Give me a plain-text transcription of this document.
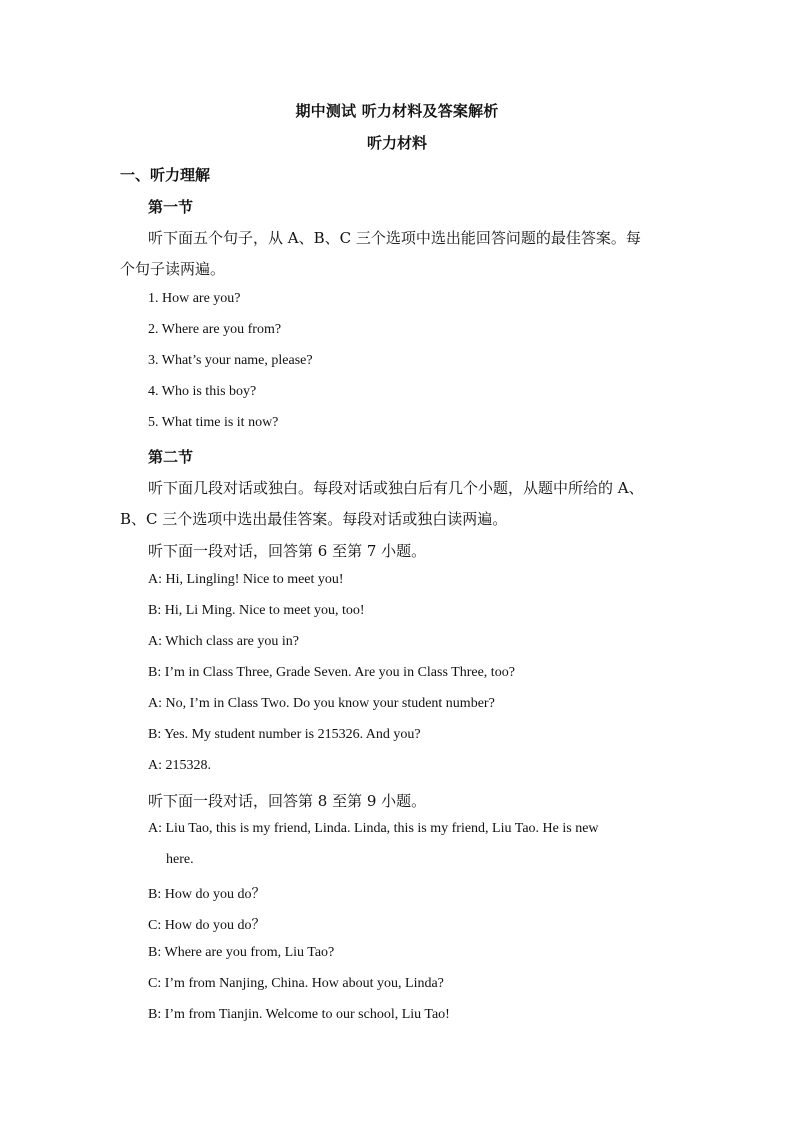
期中测试 听力材料及答案解析
听力材料
一、听力理解
第一节
听下面五个句子，从 A、B、C 三个选项中选出能回答问题的最佳答案。每
个句子读两遍。
1. How are you?
2. Where are you from?
3. What’s your name, please?
4. Who is this boy?
5. What time is it now?
第二节
听下面几段对话或独白。每段对话或独白后有几个小题，从题中所给的 A、
B、C 三个选项中选出最佳答案。每段对话或独白读两遍。
听下面一段对话，回答第 6 至第 7 小题。
A: Hi, Lingling! Nice to meet you!
B: Hi, Li Ming. Nice to meet you, too!
A: Which class are you in?
B: I’m in Class Three, Grade Seven. Are you in Class Three, too?
A: No, I’m in Class Two. Do you know your student number?
B: Yes. My student number is 215326. And you?
A: 215328.
听下面一段对话，回答第 8 至第 9 小题。
A: Liu Tao, this is my friend, Linda. Linda, this is my friend, Liu Tao. He is new
here.
B: How do you do？
C: How do you do？
B: Where are you from, Liu Tao?
C: I’m from Nanjing, China. How about you, Linda?
B: I’m from Tianjin. Welcome to our school, Liu Tao!
